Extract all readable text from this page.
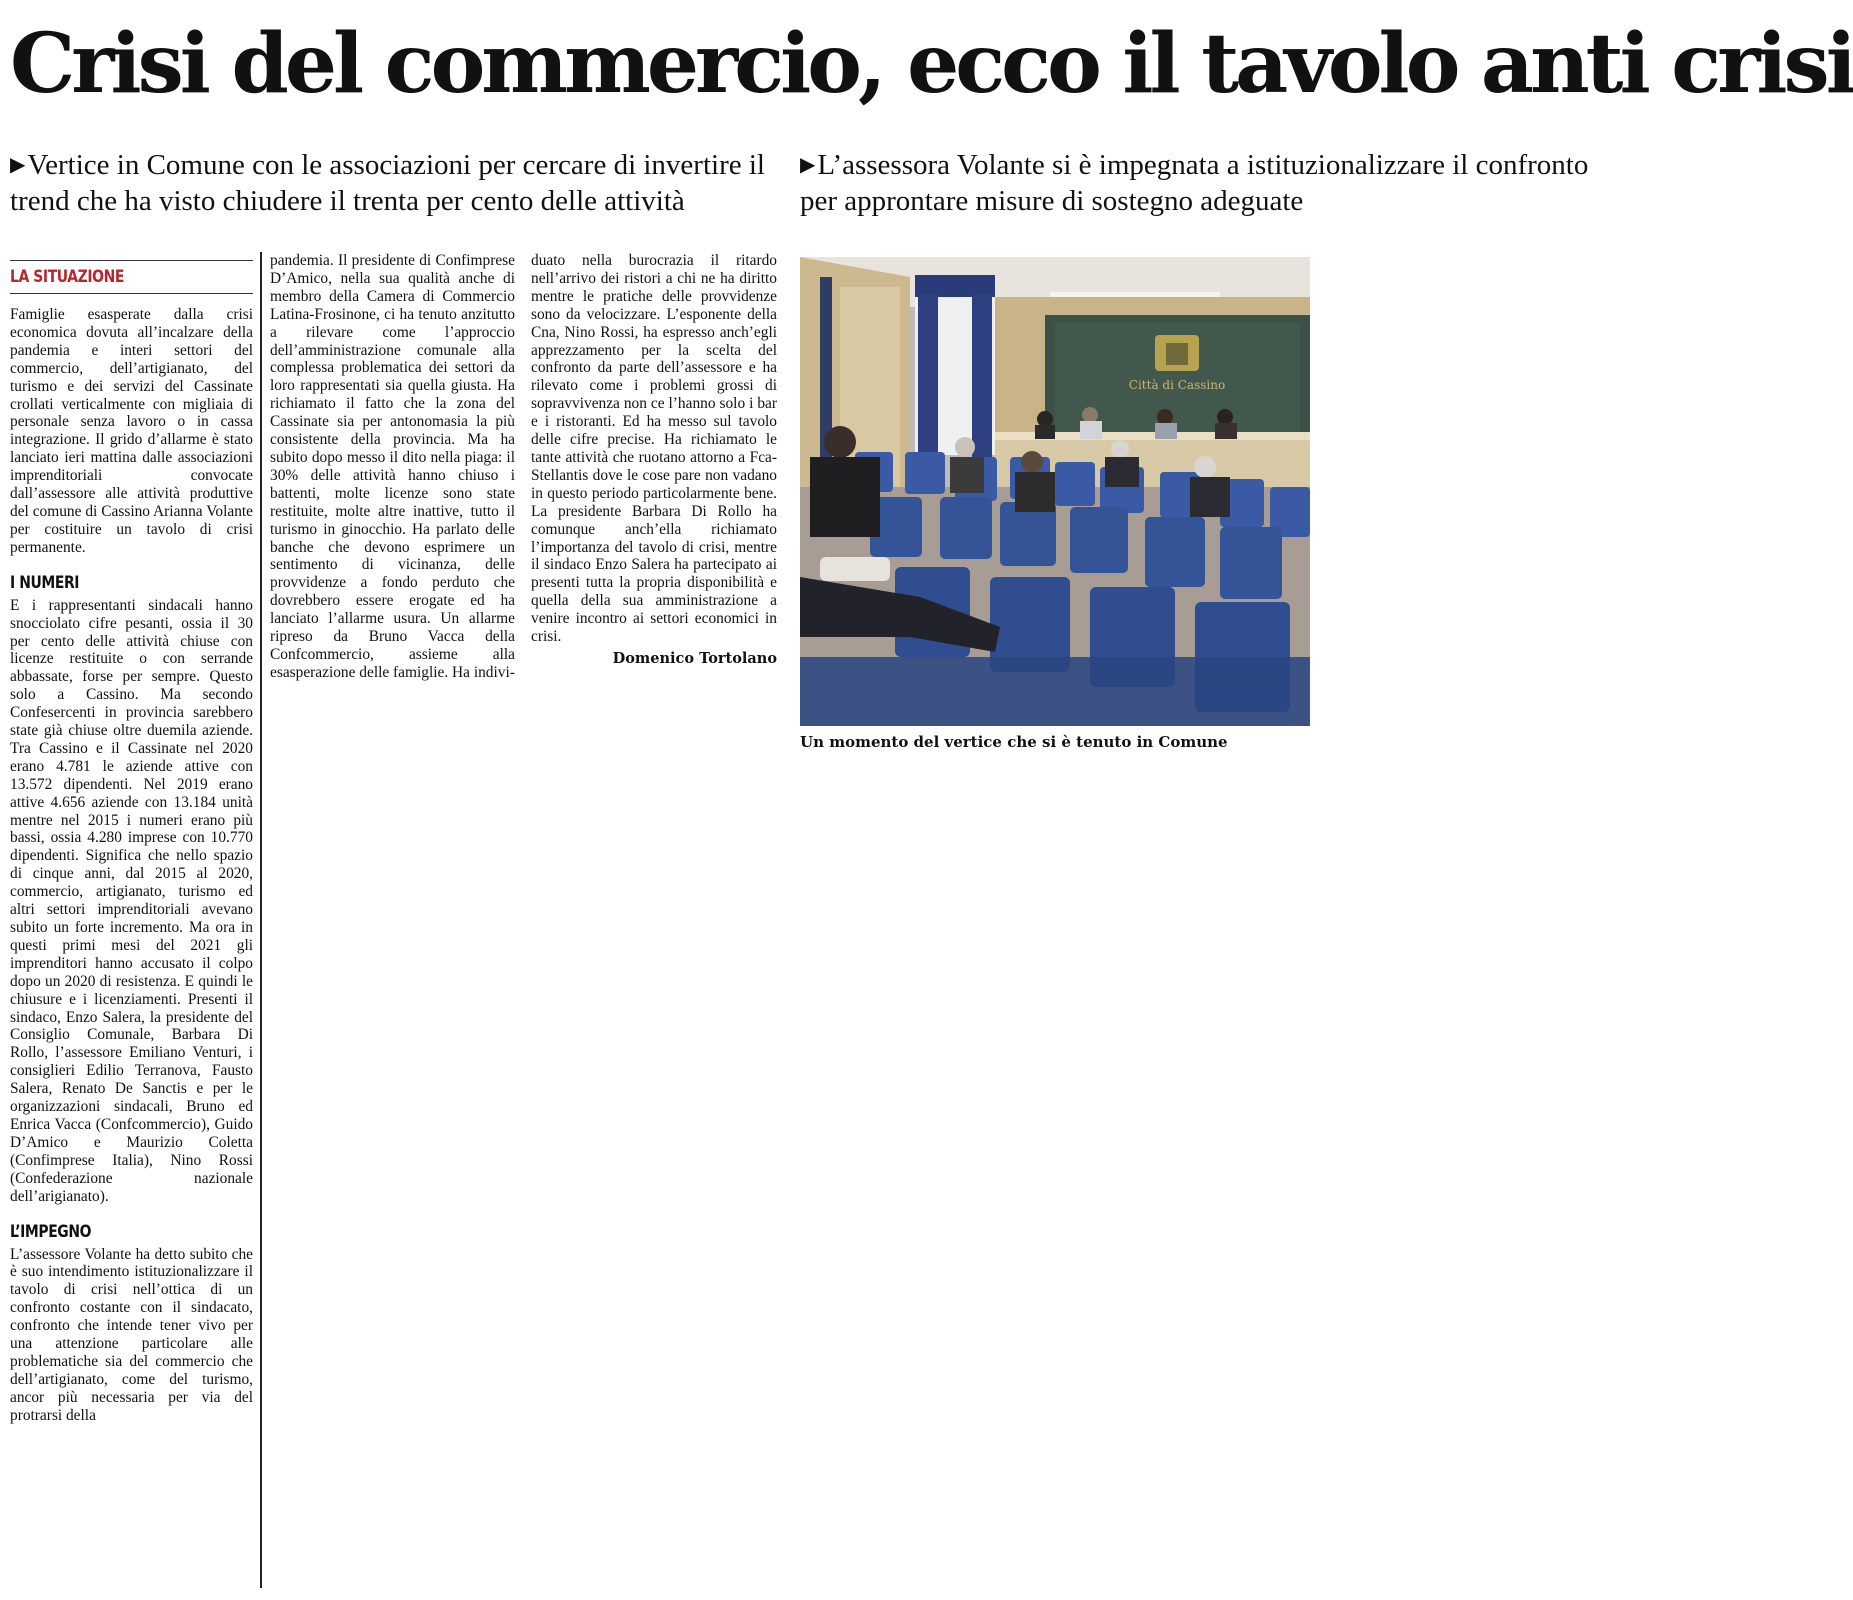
Crisi del commercio, ecco il tavolo anti crisi
▶Vertice in Comune con le associazioni per cercare di invertire il trend che ha visto chiudere il trenta per cento delle attività
▶L’assessora Volante si è impegnata a istituzionalizzare il confronto per approntare misure di sostegno adeguate
LA SITUAZIONE

Famiglie esasperate dalla crisi economica dovuta all’incalzare della pandemia e interi settori del commercio, dell’artigianato, del turismo e dei servizi del Cassinate crollati verticalmente con migliaia di personale senza lavoro o in cassa integrazione. Il grido d’allarme è stato lanciato ieri mattina dalle associazioni imprenditoriali convocate dall’assessore alle attività produttive del comune di Cassino Arianna Volante per costituire un tavolo di crisi permanente.

I NUMERI

E i rappresentanti sindacali hanno snocciolato cifre pesanti, ossia il 30 per cento delle attività chiuse con licenze restituite o con serrande abbassate, forse per sempre. Questo solo a Cassino. Ma secondo Confesercenti in provincia sarebbero state già chiuse oltre duemila aziende. Tra Cassino e il Cassinate nel 2020 erano 4.781 le aziende attive con 13.572 dipendenti. Nel 2019 erano attive 4.656 aziende con 13.184 unità mentre nel 2015 i numeri erano più bassi, ossia 4.280 imprese con 10.770 dipendenti. Significa che nello spazio di cinque anni, dal 2015 al 2020, commercio, artigianato, turismo ed altri settori imprenditoriali avevano subito un forte incremento. Ma ora in questi primi mesi del 2021 gli imprenditori hanno accusato il colpo dopo un 2020 di resistenza. E quindi le chiusure e i licenziamenti. Presenti il sindaco, Enzo Salera, la presidente del Consiglio Comunale, Barbara Di Rollo, l’assessore Emiliano Venturi, i consiglieri Edilio Terranova, Fausto Salera, Renato De Sanctis e per le organizzazioni sindacali, Bruno ed Enrica Vacca (Confcommercio), Guido D’Amico e Maurizio Coletta (Confimprese Italia), Nino Rossi (Confederazione nazionale dell’arigianato).

L’IMPEGNO

L’assessore Volante ha detto subito che è suo intendimento istituzionalizzare il tavolo di crisi nell’ottica di un confronto costante con il sindacato, confronto che intende tener vivo per una attenzione particolare alle problematiche sia del commercio che dell’artigianato, come del turismo, ancor più necessaria per via del protrarsi della

pandemia. Il presidente di Confimprese D’Amico, nella sua qualità anche di membro della Camera di Commercio Latina-Frosinone, ci ha tenuto anzitutto a rilevare come l’approccio dell’amministrazione comunale alla complessa problematica dei settori da loro rappresentati sia quella giusta. Ha richiamato il fatto che la zona del Cassinate sia per antonomasia la più consistente della provincia. Ma ha subito dopo messo il dito nella piaga: il 30% delle attività hanno chiuso i battenti, molte licenze sono state restituite, molte altre inattive, tutto il turismo in ginocchio. Ha parlato delle banche che devono esprimere un sentimento di vicinanza, delle provvidenze a fondo perduto che dovrebbero essere erogate ed ha lanciato l’allarme usura. Un allarme ripreso da Bruno Vacca della Confcommercio, assieme alla esasperazione delle famiglie. Ha indivi-

duato nella burocrazia il ritardo nell’arrivo dei ristori a chi ne ha diritto mentre le pratiche delle provvidenze sono da velocizzare. L’esponente della Cna, Nino Rossi, ha espresso anch’egli apprezzamento per la scelta del confronto da parte dell’assessore e ha rilevato come i problemi grossi di sopravvivenza non ce l’hanno solo i bar e i ristoranti. Ed ha messo sul tavolo delle cifre precise. Ha richiamato le tante attività che ruotano attorno a Fca-Stellantis dove le cose pare non vadano in questo periodo particolarmente bene. La presidente Barbara Di Rollo ha comunque anch’ella richiamato l’importanza del tavolo di crisi, mentre il sindaco Enzo Salera ha partecipato ai presenti tutta la propria disponibilità e quella della sua amministrazione a venire incontro ai settori economici in crisi.

Domenico Tortolano
Città di Cassino
Un momento del vertice che si è tenuto in Comune
